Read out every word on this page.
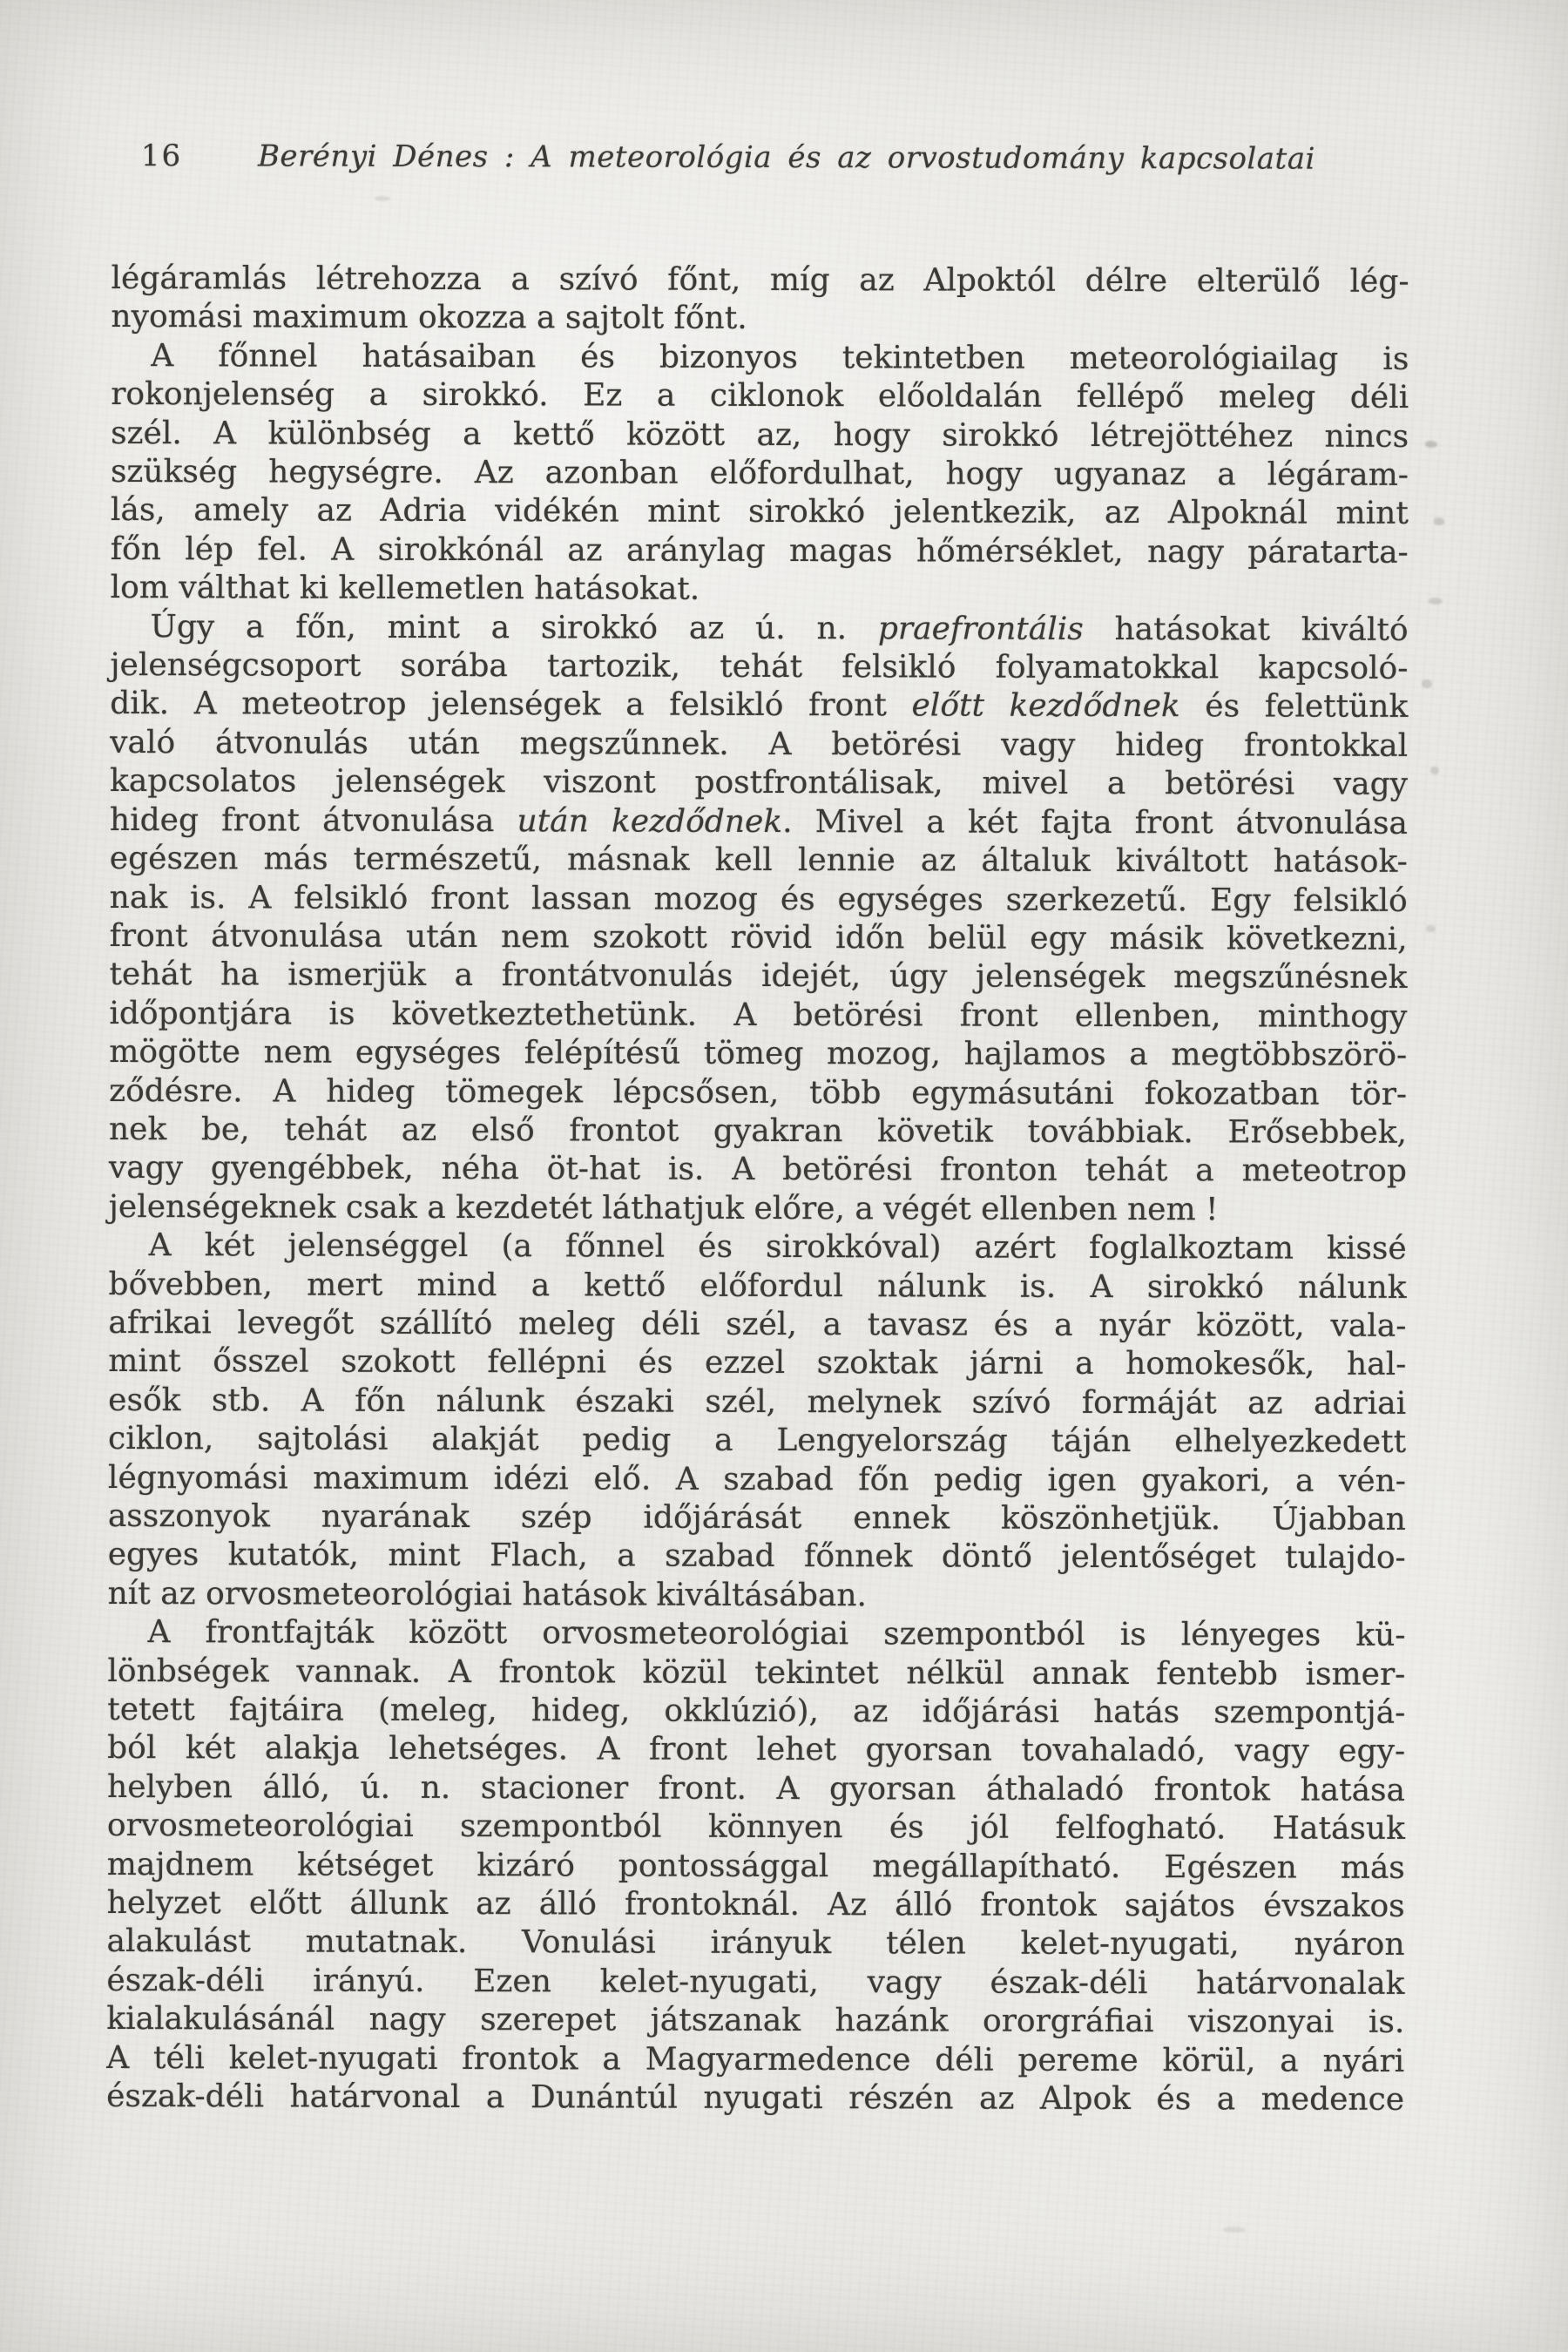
16	Berényi Dénes : A meteorológia és az orvostudomány kapcsolatai
légáramlás létrehozza a szívó főnt, míg az Alpoktól délre elterülő lég-
nyomási maximum okozza a sajtolt főnt.
A főnnel hatásaiban és bizonyos tekintetben meteorológiailag is
rokonjelenség a sirokkó. Ez a ciklonok előoldalán fellépő meleg déli
szél. A különbség a kettő között az, hogy sirokkó létrejöttéhez nincs
szükség hegységre. Az azonban előfordulhat, hogy ugyanaz a légáram-
lás, amely az Adria vidékén mint sirokkó jelentkezik, az Alpoknál mint
főn lép fel. A sirokkónál az aránylag magas hőmérséklet, nagy páratarta-
lom válthat ki kellemetlen hatásokat.
Úgy a főn, mint a sirokkó az ú. n. praefrontális hatásokat kiváltó
jelenségcsoport sorába tartozik, tehát felsikló folyamatokkal kapcsoló-
dik. A meteotrop jelenségek a felsikló front előtt kezdődnek és felettünk
való átvonulás után megszűnnek. A betörési vagy hideg frontokkal
kapcsolatos jelenségek viszont postfrontálisak, mivel a betörési vagy
hideg front átvonulása után kezdődnek. Mivel a két fajta front átvonulása
egészen más természetű, másnak kell lennie az általuk kiváltott hatások-
nak is. A felsikló front lassan mozog és egységes szerkezetű. Egy felsikló
front átvonulása után nem szokott rövid időn belül egy másik következni,
tehát ha ismerjük a frontátvonulás idejét, úgy jelenségek megszűnésnek
időpontjára is következtethetünk. A betörési front ellenben, minthogy
mögötte nem egységes felépítésű tömeg mozog, hajlamos a megtöbbszörö-
ződésre. A hideg tömegek lépcsősen, több egymásutáni fokozatban tör-
nek be, tehát az első frontot gyakran követik továbbiak. Erősebbek,
vagy gyengébbek, néha öt-hat is. A betörési fronton tehát a meteotrop
jelenségeknek csak a kezdetét láthatjuk előre, a végét ellenben nem !
A két jelenséggel (a főnnel és sirokkóval) azért foglalkoztam kissé
bővebben, mert mind a kettő előfordul nálunk is. A sirokkó nálunk
afrikai levegőt szállító meleg déli szél, a tavasz és a nyár között, vala-
mint ősszel szokott fellépni és ezzel szoktak járni a homokesők, hal-
esők stb. A főn nálunk északi szél, melynek szívó formáját az adriai
ciklon, sajtolási alakját pedig a Lengyelország táján elhelyezkedett
légnyomási maximum idézi elő. A szabad főn pedig igen gyakori, a vén-
asszonyok nyarának szép időjárását ennek köszönhetjük. Újabban
egyes kutatók, mint Flach, a szabad főnnek döntő jelentőséget tulajdo-
nít az orvosmeteorológiai hatások kiváltásában.
A frontfajták között orvosmeteorológiai szempontból is lényeges kü-
lönbségek vannak. A frontok közül tekintet nélkül annak fentebb ismer-
tetett fajtáira (meleg, hideg, okklúzió), az időjárási hatás szempontjá-
ból két alakja lehetséges. A front lehet gyorsan tovahaladó, vagy egy-
helyben álló, ú. n. stacioner front. A gyorsan áthaladó frontok hatása
orvosmeteorológiai szempontból könnyen és jól felfogható. Hatásuk
majdnem kétséget kizáró pontossággal megállapítható. Egészen más
helyzet előtt állunk az álló frontoknál. Az álló frontok sajátos évszakos
alakulást mutatnak. Vonulási irányuk télen kelet-nyugati, nyáron
észak-déli irányú. Ezen kelet-nyugati, vagy észak-déli határvonalak
kialakulásánál nagy szerepet játszanak hazánk ororgráfiai viszonyai is.
A téli kelet-nyugati frontok a Magyarmedence déli pereme körül, a nyári
észak-déli határvonal a Dunántúl nyugati részén az Alpok és a medence
